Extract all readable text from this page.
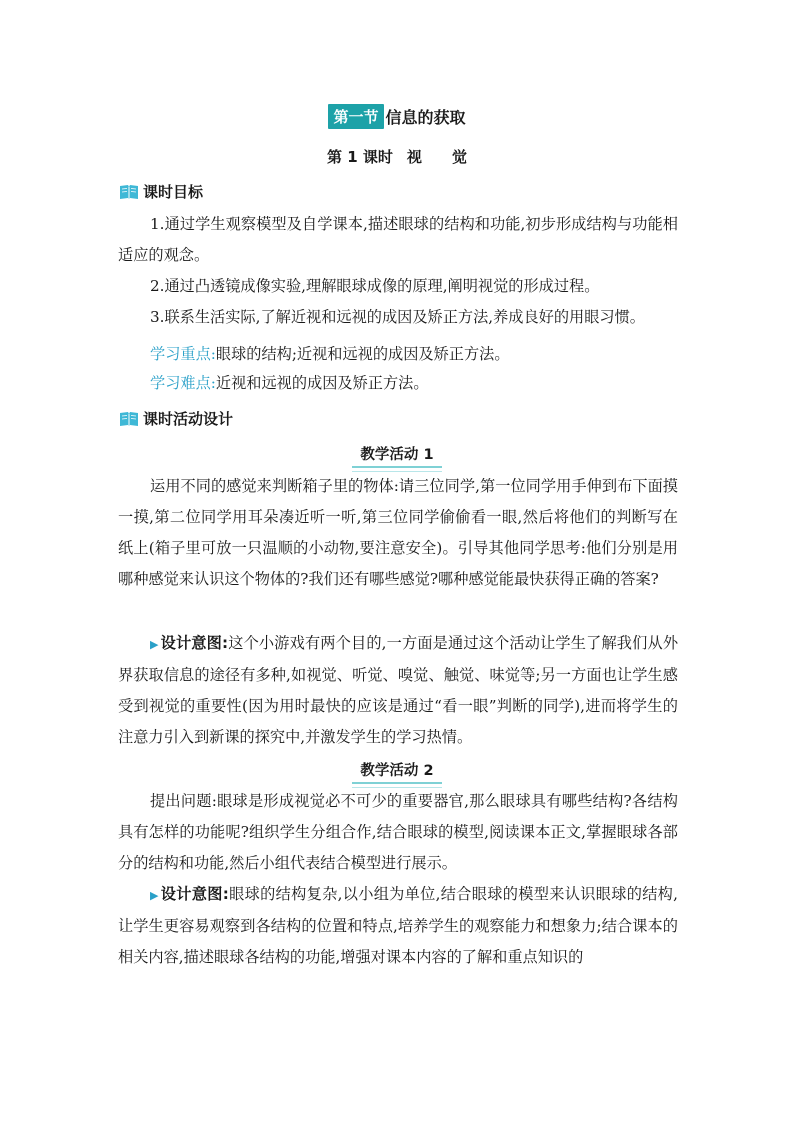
第一节 信息的获取
第 1 课时 视 觉
课时目标
1.通过学生观察模型及自学课本,描述眼球的结构和功能,初步形成结构与功能相适应的观念。
2.通过凸透镜成像实验,理解眼球成像的原理,阐明视觉的形成过程。
3.联系生活实际,了解近视和远视的成因及矫正方法,养成良好的用眼习惯。
学习重点:眼球的结构;近视和远视的成因及矫正方法。
学习难点:近视和远视的成因及矫正方法。
课时活动设计
教学活动 1
运用不同的感觉来判断箱子里的物体:请三位同学,第一位同学用手伸到布下面摸一摸,第二位同学用耳朵凑近听一听,第三位同学偷偷看一眼,然后将他们的判断写在纸上(箱子里可放一只温顺的小动物,要注意安全)。引导其他同学思考:他们分别是用哪种感觉来认识这个物体的?我们还有哪些感觉?哪种感觉能最快获得正确的答案?
▶ 设计意图:这个小游戏有两个目的,一方面是通过这个活动让学生了解我们从外界获取信息的途径有多种,如视觉、听觉、嗅觉、触觉、味觉等;另一方面也让学生感受到视觉的重要性(因为用时最快的应该是通过“看一眼”判断的同学),进而将学生的注意力引入到新课的探究中,并激发学生的学习热情。
教学活动 2
提出问题:眼球是形成视觉必不可少的重要器官,那么眼球具有哪些结构?各结构具有怎样的功能呢?组织学生分组合作,结合眼球的模型,阅读课本正文,掌握眼球各部分的结构和功能,然后小组代表结合模型进行展示。
▶ 设计意图:眼球的结构复杂,以小组为单位,结合眼球的模型来认识眼球的结构,让学生更容易观察到各结构的位置和特点,培养学生的观察能力和想象力;结合课本的相关内容,描述眼球各结构的功能,增强对课本内容的了解和重点知识的
